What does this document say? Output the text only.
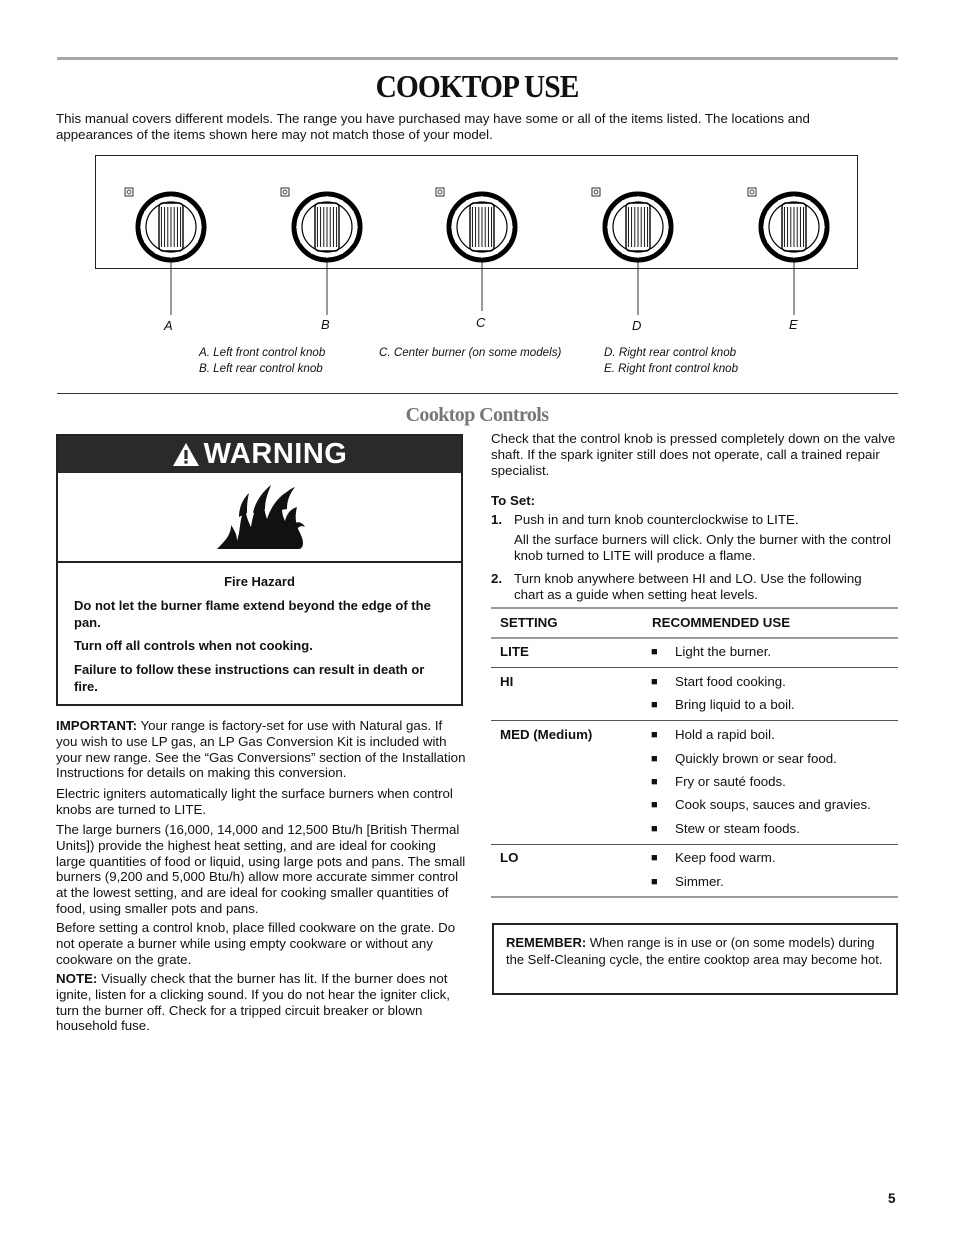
COOKTOP USE
This manual covers different models. The range you have purchased may have some or all of the items listed. The locations and appearances of the items shown here may not match those of your model.
A	B	C	D	E
A. Left front control knob
B. Left rear control knob
C. Center burner (on some models)	D. Right rear control knob
E. Right front control knob
Cooktop Controls
WARNING
Fire Hazard
Do not let the burner flame extend beyond the edge of the pan.
Turn off all controls when not cooking.
Failure to follow these instructions can result in death or fire.
IMPORTANT: Your range is factory-set for use with Natural gas. If you wish to use LP gas, an LP Gas Conversion Kit is included with your new range. See the “Gas Conversions” section of the Installation Instructions for details on making this conversion.
Electric igniters automatically light the surface burners when control knobs are turned to LITE.
The large burners (16,000, 14,000 and 12,500 Btu/h [British Thermal Units]) provide the highest heat setting, and are ideal for cooking large quantities of food or liquid, using large pots and pans. The small burners (9,200 and 5,000 Btu/h) allow more accurate simmer control at the lowest setting, and are ideal for cooking smaller quantities of food, using smaller pots and pans.
Before setting a control knob, place filled cookware on the grate. Do not operate a burner while using empty cookware or without any cookware on the grate.
NOTE: Visually check that the burner has lit. If the burner does not ignite, listen for a clicking sound. If you do not hear the igniter click, turn the burner off. Check for a tripped circuit breaker or blown household fuse.
Check that the control knob is pressed completely down on the valve shaft. If the spark igniter still does not operate, call a trained repair specialist.
To Set:
1. Push in and turn knob counterclockwise to LITE.
All the surface burners will click. Only the burner with the control knob turned to LITE will produce a flame.
2. Turn knob anywhere between HI and LO. Use the following chart as a guide when setting heat levels.
SETTING	RECOMMENDED USE
LITE	■ Light the burner.
HI	■ Start food cooking.
■ Bring liquid to a boil.
MED (Medium)	■ Hold a rapid boil.
■ Quickly brown or sear food.
■ Fry or sauté foods.
■ Cook soups, sauces and gravies.
■ Stew or steam foods.
LO	■ Keep food warm.
■ Simmer.
REMEMBER: When range is in use or (on some models) during the Self-Cleaning cycle, the entire cooktop area may become hot.
5
